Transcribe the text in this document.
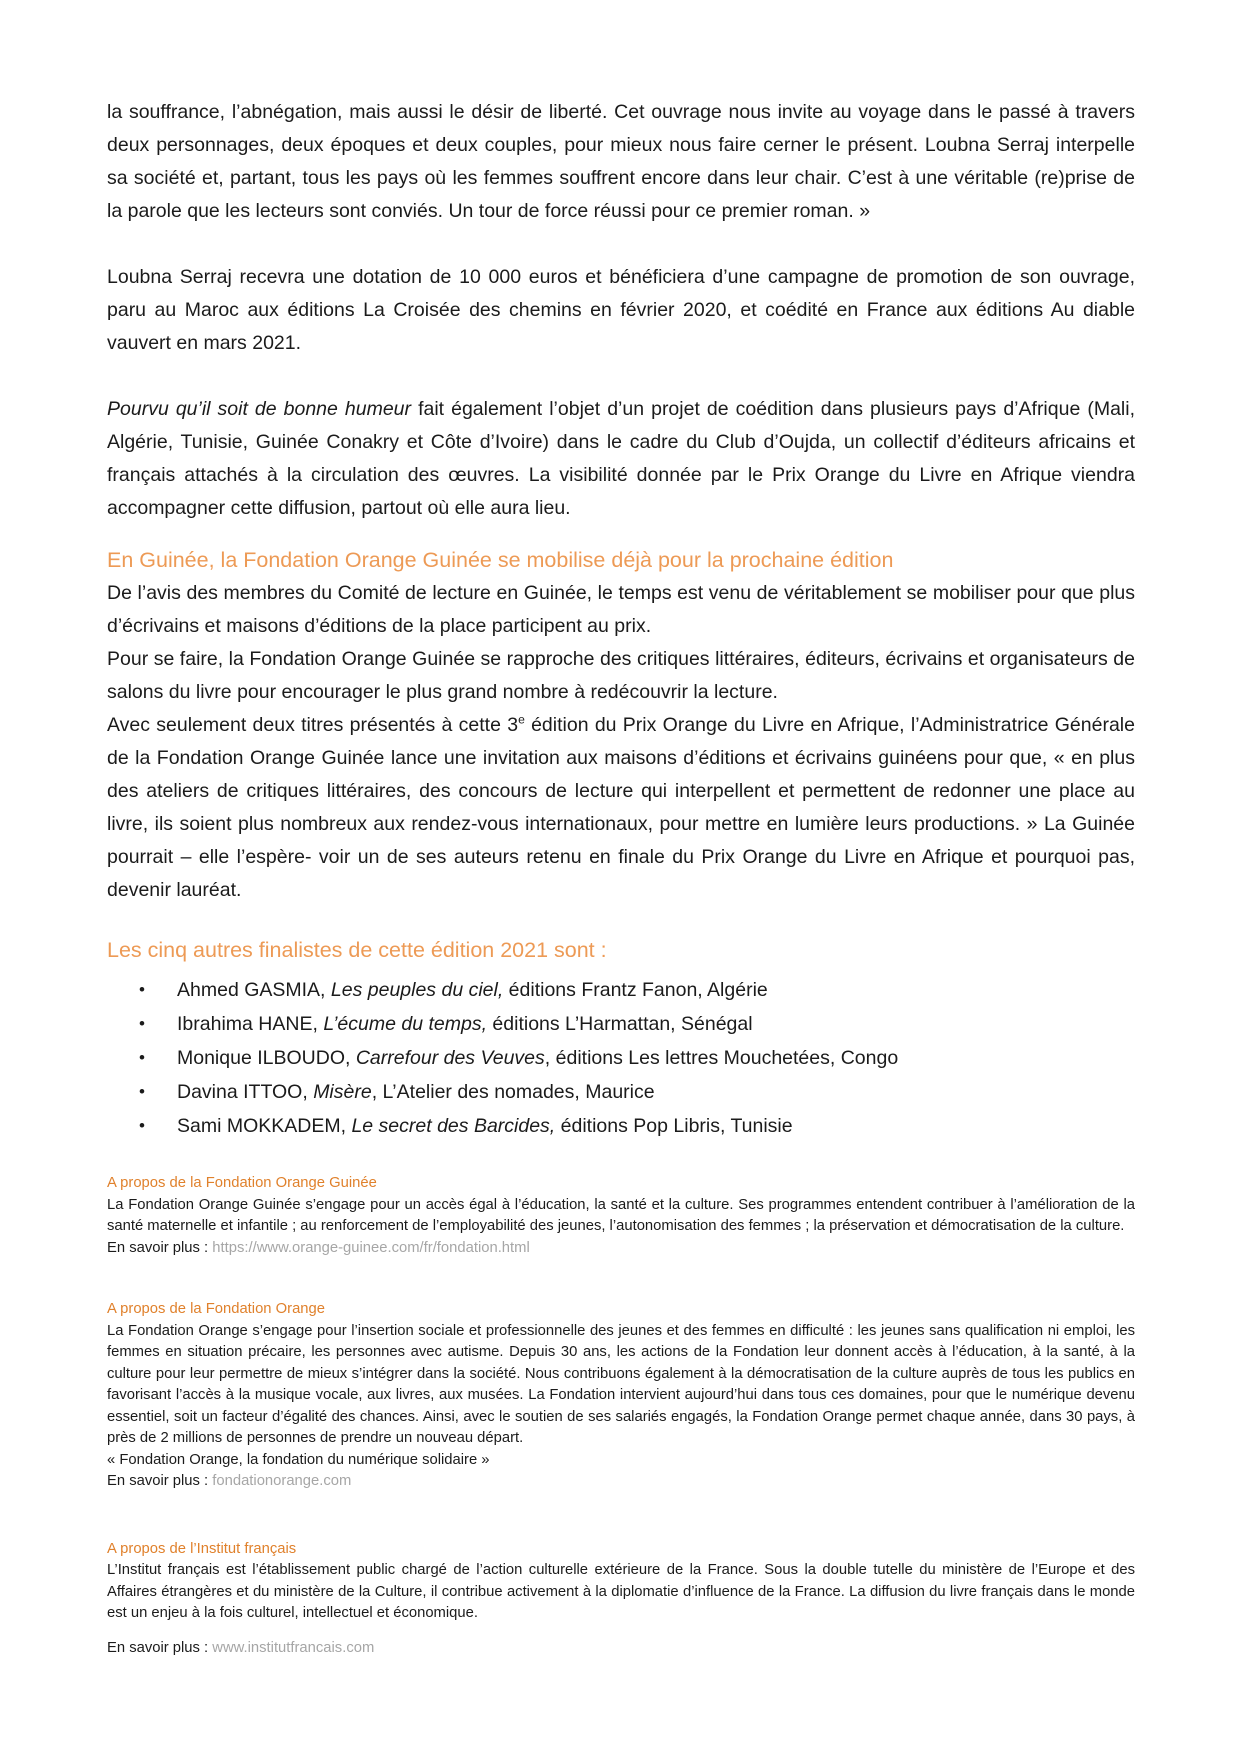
la souffrance, l’abnégation, mais aussi le désir de liberté. Cet ouvrage nous invite au voyage dans le passé à travers deux personnages, deux époques et deux couples, pour mieux nous faire cerner le présent. Loubna Serraj interpelle sa société et, partant, tous les pays où les femmes souffrent encore dans leur chair. C’est à une véritable (re)prise de la parole que les lecteurs sont conviés. Un tour de force réussi pour ce premier roman. »

Loubna Serraj recevra une dotation de 10 000 euros et bénéficiera d’une campagne de promotion de son ouvrage, paru au Maroc aux éditions La Croisée des chemins en février 2020, et coédité en France aux éditions Au diable vauvert en mars 2021.

Pourvu qu’il soit de bonne humeur fait également l’objet d’un projet de coédition dans plusieurs pays d’Afrique (Mali, Algérie, Tunisie, Guinée Conakry et Côte d’Ivoire) dans le cadre du Club d’Oujda, un collectif d’éditeurs africains et français attachés à la circulation des œuvres. La visibilité donnée par le Prix Orange du Livre en Afrique viendra accompagner cette diffusion, partout où elle aura lieu.

En Guinée, la Fondation Orange Guinée se mobilise déjà pour la prochaine édition

De l’avis des membres du Comité de lecture en Guinée, le temps est venu de véritablement se mobiliser pour que plus d’écrivains et maisons d’éditions de la place participent au prix.

Pour se faire, la Fondation Orange Guinée se rapproche des critiques littéraires, éditeurs, écrivains et organisateurs de salons du livre pour encourager le plus grand nombre à redécouvrir la lecture.

Avec seulement deux titres présentés à cette 3e édition du Prix Orange du Livre en Afrique, l’Administratrice Générale de la Fondation Orange Guinée lance une invitation aux maisons d’éditions et écrivains guinéens pour que, « en plus des ateliers de critiques littéraires, des concours de lecture qui interpellent et permettent de redonner une place au livre, ils soient plus nombreux aux rendez-vous internationaux, pour mettre en lumière leurs productions. » La Guinée pourrait – elle l’espère- voir un de ses auteurs retenu en finale du Prix Orange du Livre en Afrique et pourquoi pas, devenir lauréat.

Les cinq autres finalistes de cette édition 2021 sont :
•	Ahmed GASMIA, Les peuples du ciel, éditions Frantz Fanon, Algérie
•	Ibrahima HANE, L’écume du temps, éditions L’Harmattan, Sénégal
•	Monique ILBOUDO, Carrefour des Veuves, éditions Les lettres Mouchetées, Congo
•	Davina ITTOO, Misère, L’Atelier des nomades, Maurice
•	Sami MOKKADEM, Le secret des Barcides, éditions Pop Libris, Tunisie
A propos de la Fondation Orange Guinée

La Fondation Orange Guinée s’engage pour un accès égal à l’éducation, la santé et la culture. Ses programmes entendent contribuer à l’amélioration de la santé maternelle et infantile ; au renforcement de l’employabilité des jeunes, l’autonomisation des femmes ; la préservation et démocratisation de la culture.

En savoir plus : https://www.orange-guinee.com/fr/fondation.html

A propos de la Fondation Orange

La Fondation Orange s’engage pour l’insertion sociale et professionnelle des jeunes et des femmes en difficulté : les jeunes sans qualification ni emploi, les femmes en situation précaire, les personnes avec autisme. Depuis 30 ans, les actions de la Fondation leur donnent accès à l’éducation, à la santé, à la culture pour leur permettre de mieux s’intégrer dans la société. Nous contribuons également à la démocratisation de la culture auprès de tous les publics en favorisant l’accès à la musique vocale, aux livres, aux musées. La Fondation intervient aujourd’hui dans tous ces domaines, pour que le numérique devenu essentiel, soit un facteur d’égalité des chances. Ainsi, avec le soutien de ses salariés engagés, la Fondation Orange permet chaque année, dans 30 pays, à près de 2 millions de personnes de prendre un nouveau départ.

« Fondation Orange, la fondation du numérique solidaire »

En savoir plus : fondationorange.com

A propos de l’Institut français

L’Institut français est l’établissement public chargé de l’action culturelle extérieure de la France. Sous la double tutelle du ministère de l’Europe et des Affaires étrangères et du ministère de la Culture, il contribue activement à la diplomatie d’influence de la France. La diffusion du livre français dans le monde est un enjeu à la fois culturel, intellectuel et économique.

En savoir plus : www.institutfrancais.com
